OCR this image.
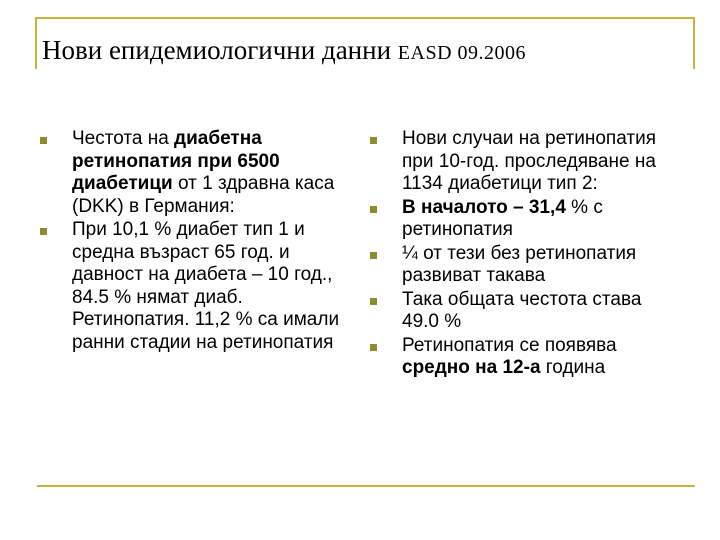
Нови епидемиологични данни EASD 09.2006
Честота на диабетна ретинопатия при 6500 диабетици от 1 здравна каса (DKK) в Германия:
При 10,1 % диабет тип 1 и средна възраст 65 год. и давност на диабета – 10 год., 84.5 % нямат диаб. Ретинопатия. 11,2 % са имали ранни стадии на ретинопатия
Нови случаи на ретинопатия при 10-год. проследяване на 1134 диабетици тип 2:
В началото – 31,4 % с ретинопатия
¼ от тези без ретинопатия развиват такава
Така общата честота става 49.0 %
Ретинопатия се появява средно на 12-а година
